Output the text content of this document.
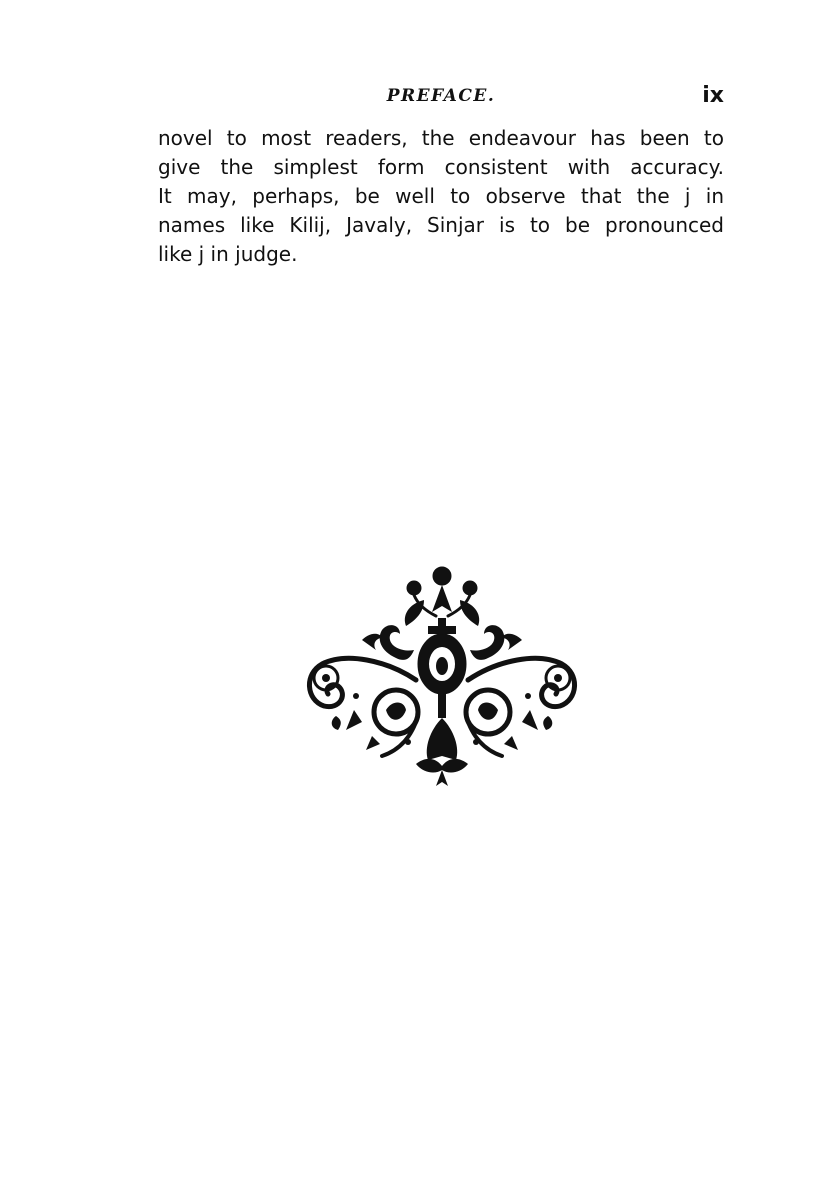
PREFACE.	ix
novel to most readers, the endeavour has been to
give the simplest form consistent with accuracy.
It may, perhaps, be well to observe that the j in
names like Kilij, Javaly, Sinjar is to be pronounced
like j in judge.
